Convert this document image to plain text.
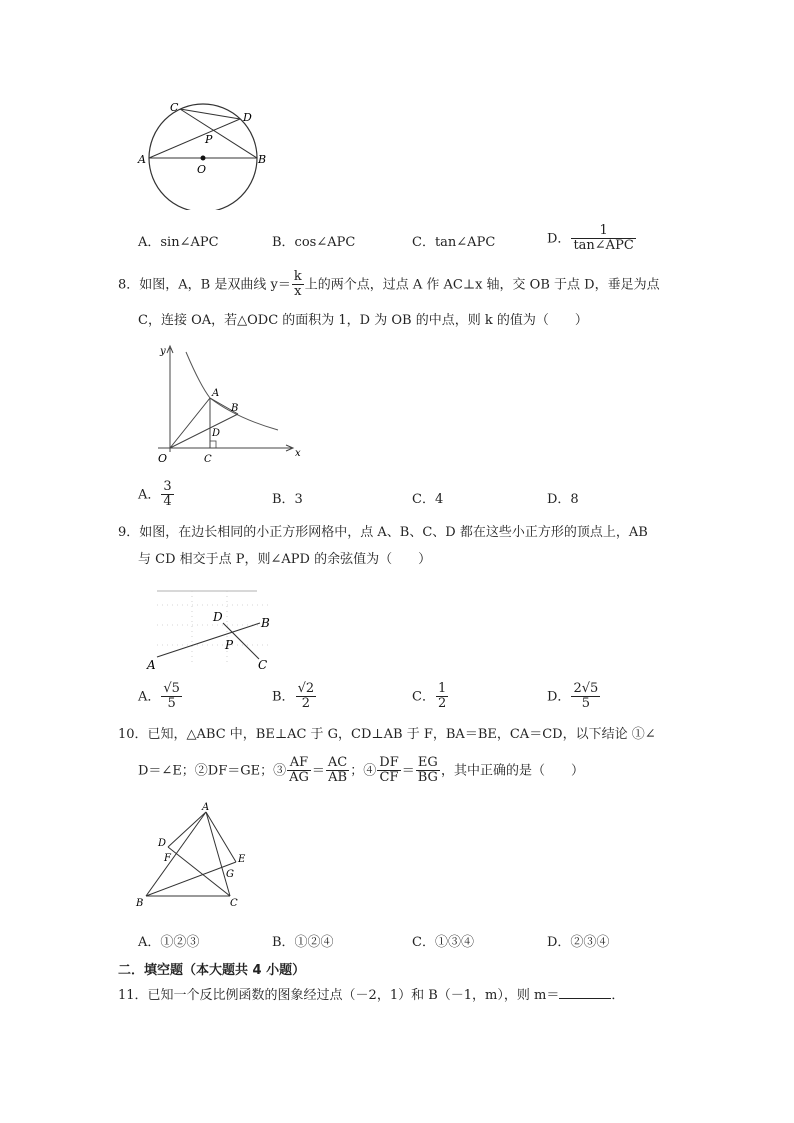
C
D
P
A
O
B
A．sin∠APC	B．cos∠APC	C．tan∠APC	D． $\frac{1}{\text{tan∠APC}}$
8．如图，A，B 是双曲线 $y= \frac{k}{x}$ 上的两个点，过点 A 作 AC⊥x 轴，交 OB 于点 D，垂足为点
C，连接 OA，若△ODC 的面积为 1，D 为 OB 的中点，则 k 的值为（　　）
y
x
A
B
D
O	C
A． $\frac{3}{4}$	B．3	C．4	D．8
9．如图，在边长相同的小正方形网格中，点 A、B、C、D 都在这些小正方形的顶点上，AB
与 CD 相交于点 P，则∠APD 的余弦值为（　　）
A
B
C
D
P
A． $\frac{√5}{5}$	B． $\frac{√2}{2}$	C． $\frac{1}{2}$	D． $\frac{2√5}{5}$
10．已知，△ABC 中，BE⊥AC 于 G，CD⊥AB 于 F，BA＝BE，CA＝CD，以下结论 ①∠
D＝∠E；②DF＝GE；③ $\frac{AF}{AG} = \frac{AC}{AB}$ ；④ $\frac{DF}{CF} = \frac{EG}{BG}$ ，其中正确的是（　　）
A
D
F	E
G
B	C
A．①②③	B．①②④	C．①③④	D．②③④
二．填空题（本大题共 4 小题）
11．已知一个反比例函数的图象经过点（－2，1）和 B（－1，m），则 m＝	．
